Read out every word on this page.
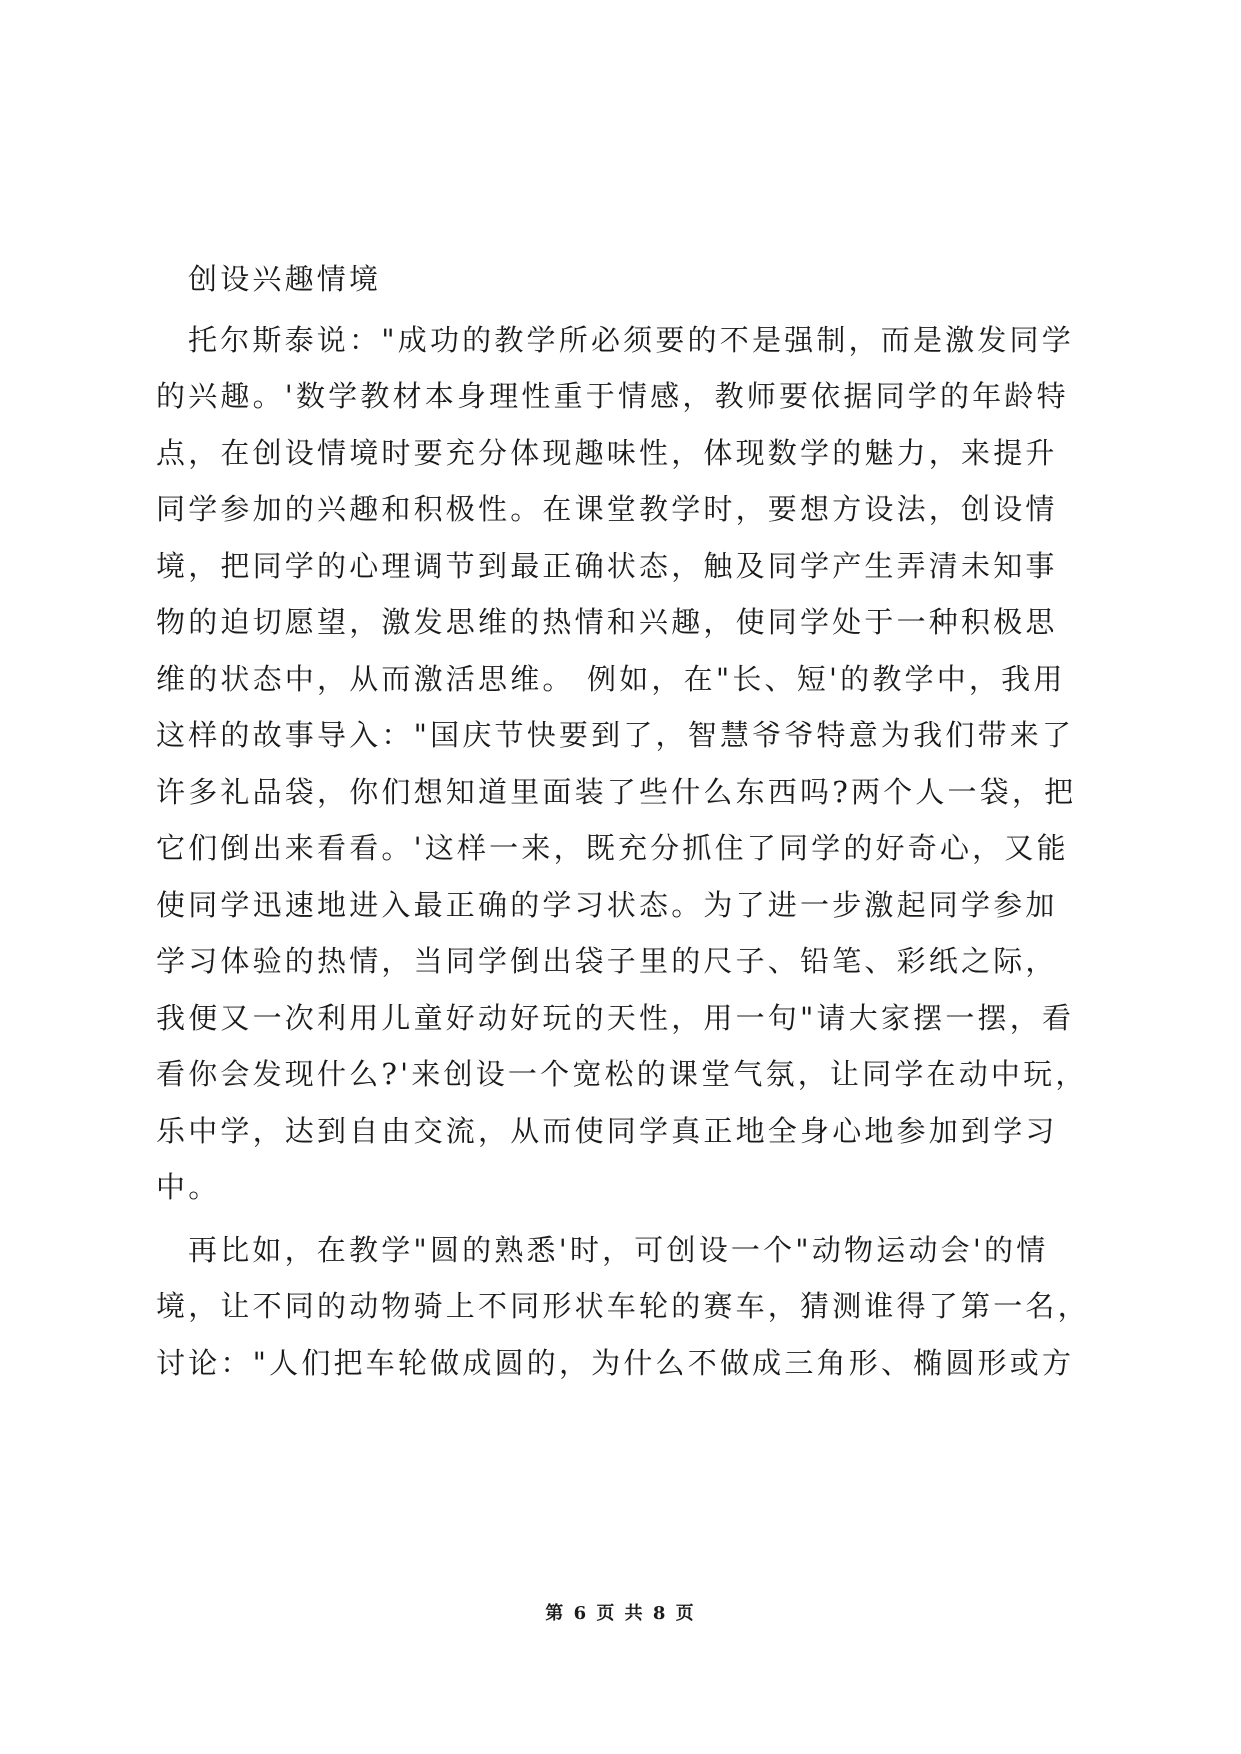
创设兴趣情境
托尔斯泰说："成功的教学所必须要的不是强制，而是激发同学
的兴趣。'数学教材本身理性重于情感，教师要依据同学的年龄特
点，在创设情境时要充分体现趣味性，体现数学的魅力，来提升
同学参加的兴趣和积极性。在课堂教学时，要想方设法，创设情
境，把同学的心理调节到最正确状态，触及同学产生弄清未知事
物的迫切愿望，激发思维的热情和兴趣，使同学处于一种积极思
维的状态中，从而激活思维。 例如，在"长、短'的教学中，我用
这样的故事导入："国庆节快要到了，智慧爷爷特意为我们带来了
许多礼品袋，你们想知道里面装了些什么东西吗?两个人一袋，把
它们倒出来看看。'这样一来，既充分抓住了同学的好奇心，又能
使同学迅速地进入最正确的学习状态。为了进一步激起同学参加
学习体验的热情，当同学倒出袋子里的尺子、铅笔、彩纸之际，
我便又一次利用儿童好动好玩的天性，用一句"请大家摆一摆，看
看你会发现什么?'来创设一个宽松的课堂气氛，让同学在动中玩，
乐中学，达到自由交流，从而使同学真正地全身心地参加到学习
中。
再比如，在教学"圆的熟悉'时，可创设一个"动物运动会'的情
境，让不同的动物骑上不同形状车轮的赛车，猜测谁得了第一名，
讨论："人们把车轮做成圆的，为什么不做成三角形、椭圆形或方
第 6 页 共 8 页
